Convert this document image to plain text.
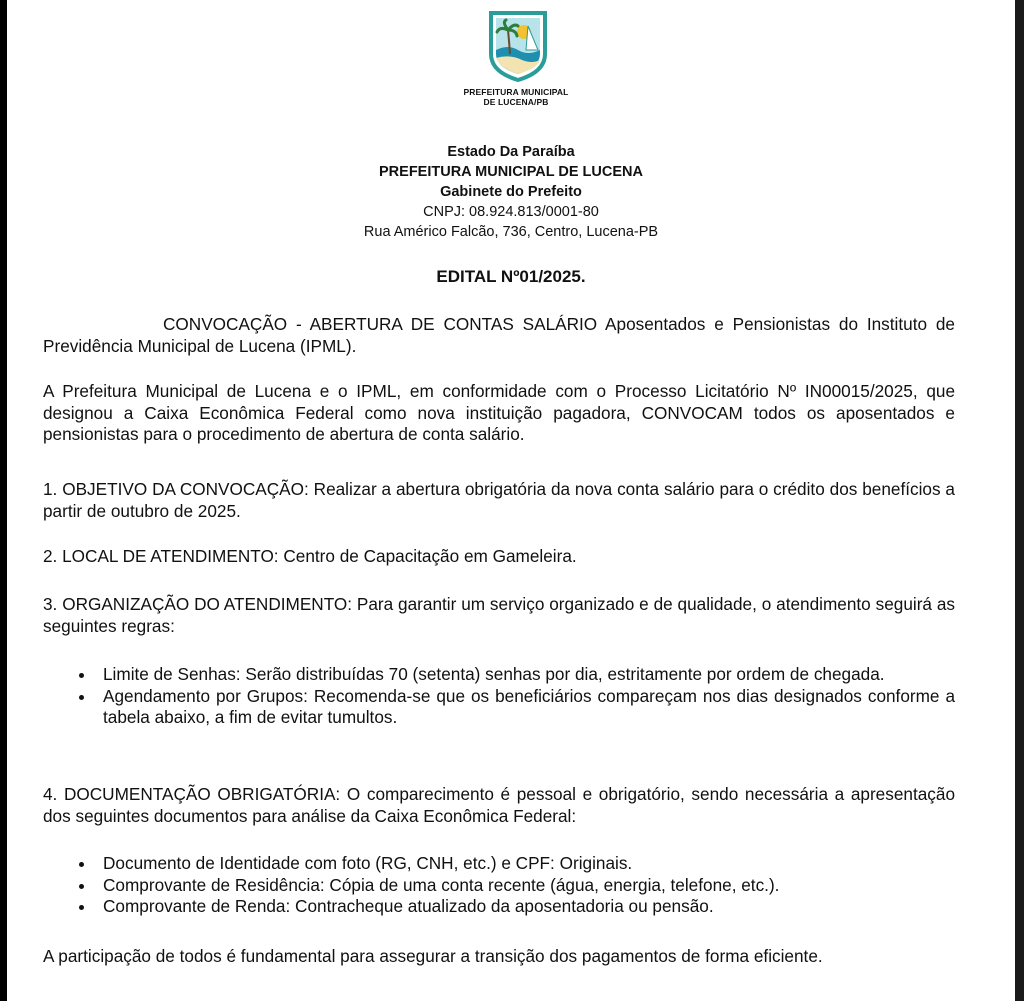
PREFEITURA MUNICIPAL
DE LUCENA/PB
Estado Da Paraíba
PREFEITURA MUNICIPAL DE LUCENA
Gabinete do Prefeito
CNPJ: 08.924.813/0001-80
Rua Américo Falcão, 736, Centro, Lucena-PB
EDITAL Nº01/2025.
CONVOCAÇÃO - ABERTURA DE CONTAS SALÁRIO Aposentados e Pensionistas do Instituto de Previdência Municipal de Lucena (IPML).
A Prefeitura Municipal de Lucena e o IPML, em conformidade com o Processo Licitatório Nº IN00015/2025, que designou a Caixa Econômica Federal como nova instituição pagadora, CONVOCAM todos os aposentados e pensionistas para o procedimento de abertura de conta salário.
1. OBJETIVO DA CONVOCAÇÃO: Realizar a abertura obrigatória da nova conta salário para o crédito dos benefícios a partir de outubro de 2025.
2. LOCAL DE ATENDIMENTO: Centro de Capacitação em Gameleira.
3. ORGANIZAÇÃO DO ATENDIMENTO: Para garantir um serviço organizado e de qualidade, o atendimento seguirá as seguintes regras:
Limite de Senhas: Serão distribuídas 70 (setenta) senhas por dia, estritamente por ordem de chegada.
Agendamento por Grupos: Recomenda-se que os beneficiários compareçam nos dias designados conforme a tabela abaixo, a fim de evitar tumultos.
4. DOCUMENTAÇÃO OBRIGATÓRIA: O comparecimento é pessoal e obrigatório, sendo necessária a apresentação dos seguintes documentos para análise da Caixa Econômica Federal:
Documento de Identidade com foto (RG, CNH, etc.) e CPF: Originais.
Comprovante de Residência: Cópia de uma conta recente (água, energia, telefone, etc.).
Comprovante de Renda: Contracheque atualizado da aposentadoria ou pensão.
A participação de todos é fundamental para assegurar a transição dos pagamentos de forma eficiente.
